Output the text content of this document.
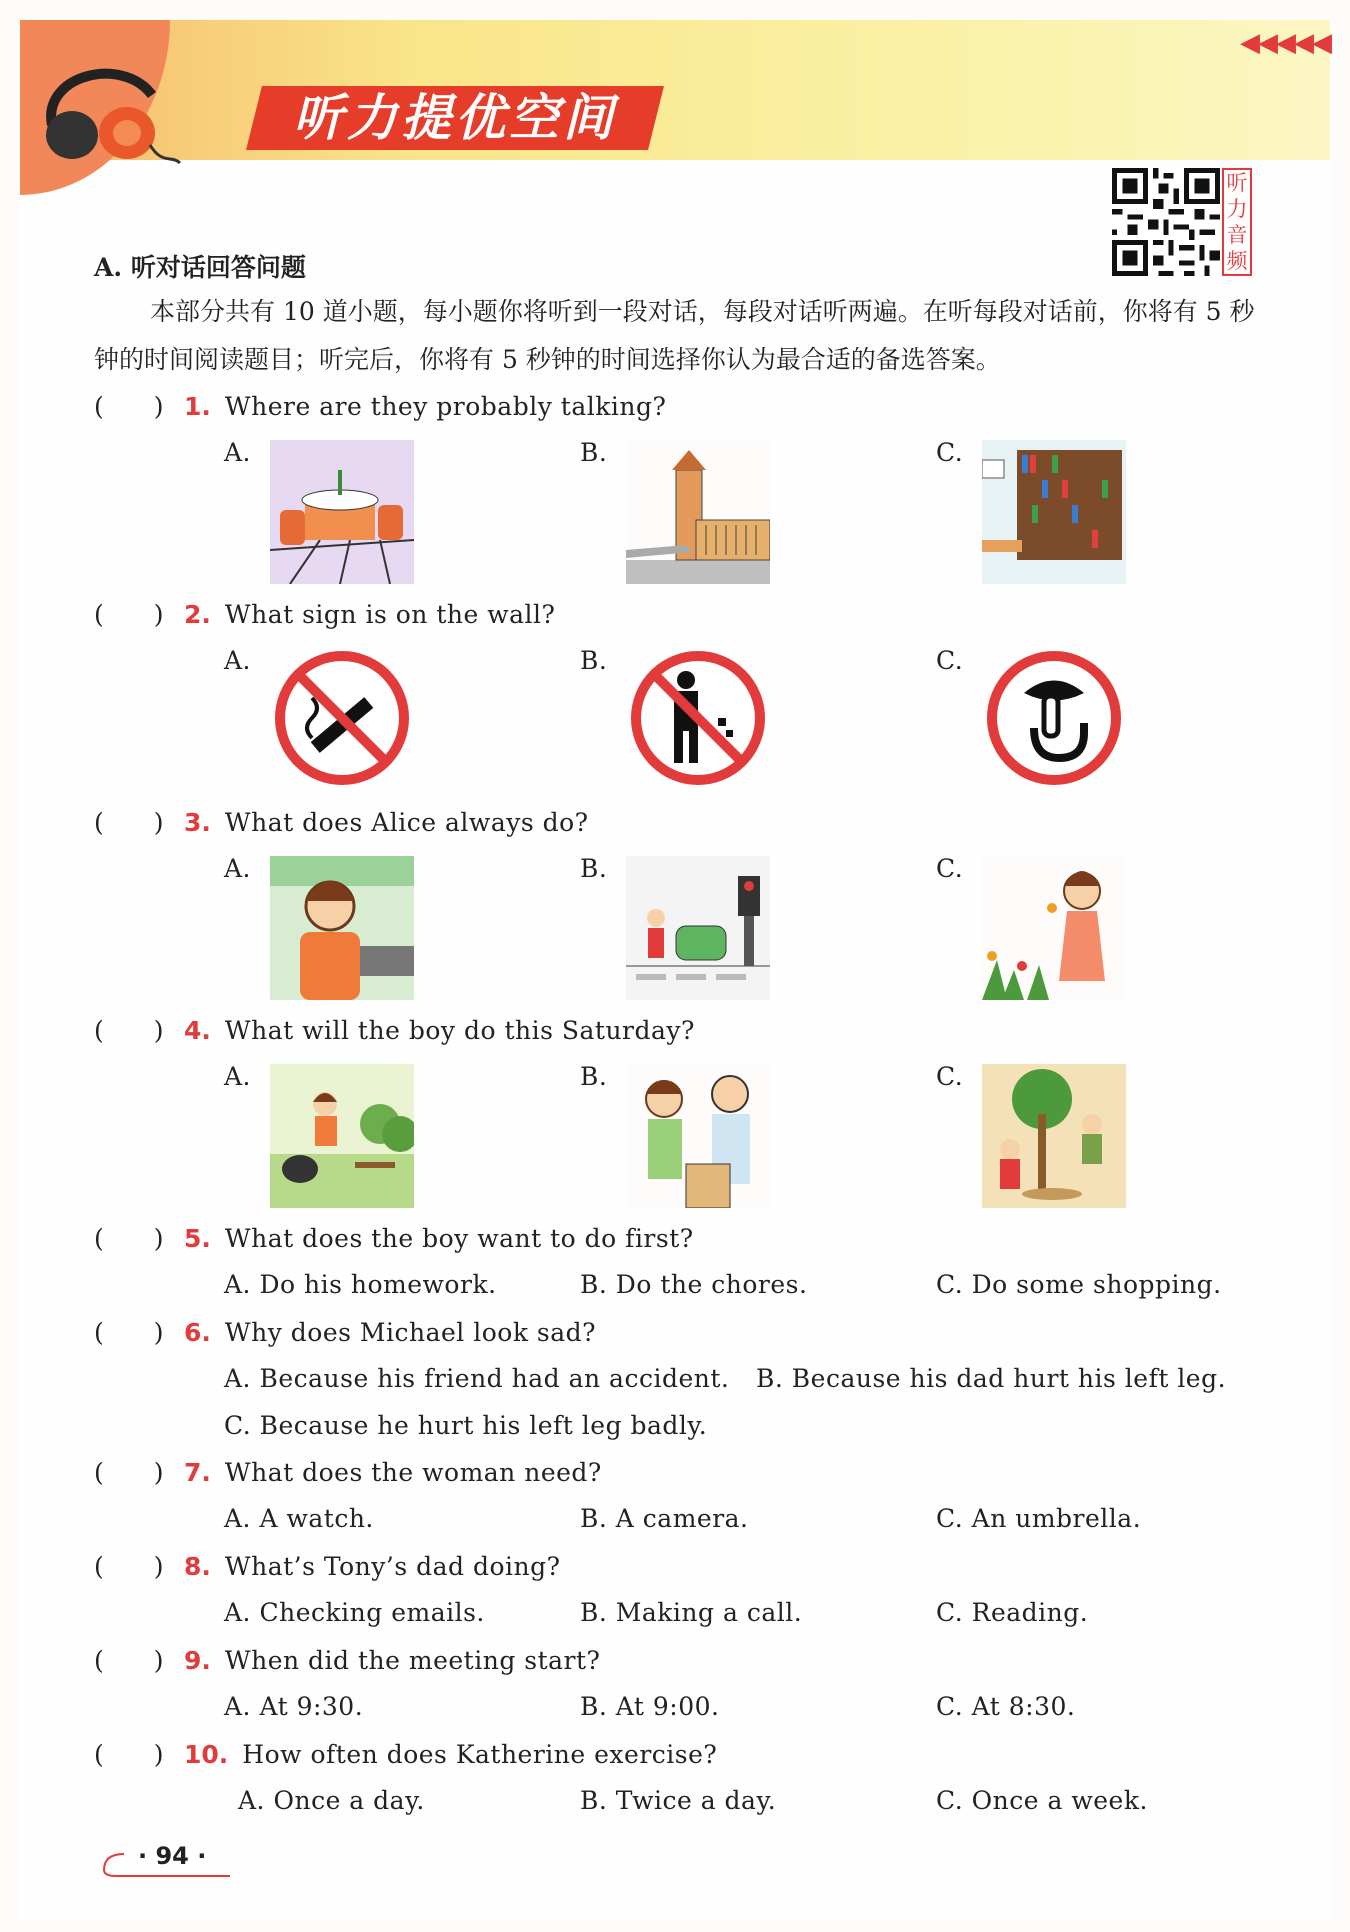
◀◀◀◀◀
听力提优空间
听
力
音
频
A. 听对话回答问题
本部分共有 10 道小题，每小题你将听到一段对话，每段对话听两遍。在听每段对话前，你将有 5 秒钟的时间阅读题目；听完后，你将有 5 秒钟的时间选择你认为最合适的备选答案。
( ) 1. Where are they probably talking?
A.	B.	C.
( ) 2. What sign is on the wall?
A.	B.	C.
( ) 3. What does Alice always do?
A.	B.	C.
( ) 4. What will the boy do this Saturday?
A.	B.	C.
( ) 5. What does the boy want to do first?
A. Do his homework.	B. Do the chores.	C. Do some shopping.
( ) 6. Why does Michael look sad?
A. Because his friend had an accident. B. Because his dad hurt his left leg.
C. Because he hurt his left leg badly.
( ) 7. What does the woman need?
A. A watch.	B. A camera.	C. An umbrella.
( ) 8. What’s Tony’s dad doing?
A. Checking emails.	B. Making a call.	C. Reading.
( ) 9. When did the meeting start?
A. At 9:30.	B. At 9:00.	C. At 8:30.
( ) 10. How often does Katherine exercise?
A. Once a day.	B. Twice a day.	C. Once a week.
· 94 ·
